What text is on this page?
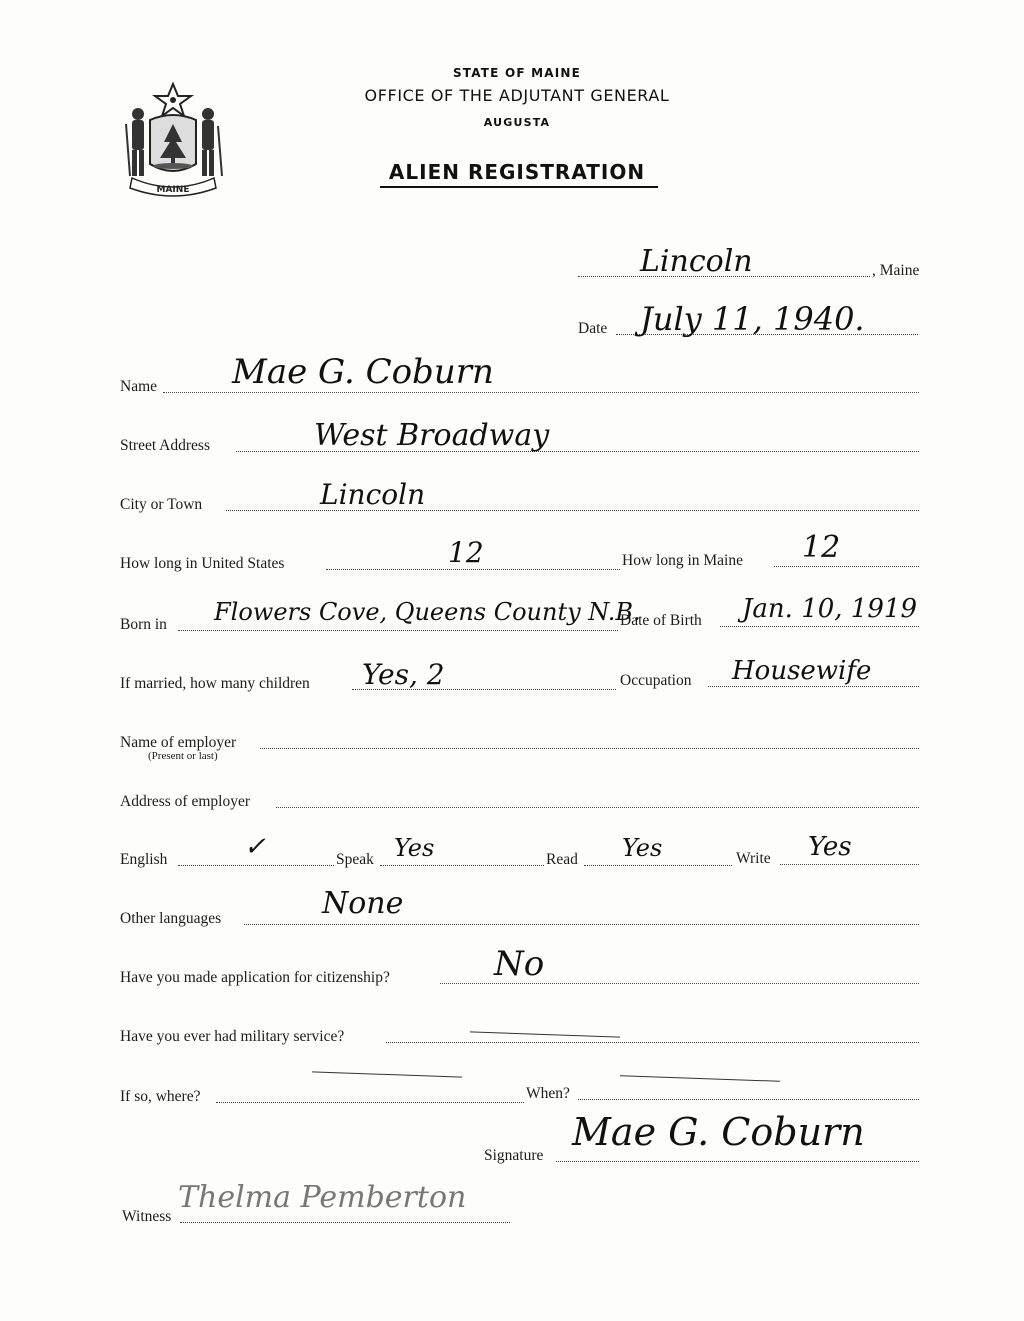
MAINE
STATE OF MAINE
OFFICE OF THE ADJUTANT GENERAL
AUGUSTA
ALIEN REGISTRATION
Lincoln	, Maine
Date July 11, 1940.
Name Mae G. Coburn
Street Address	West Broadway
City or Town	Lincoln
How long in United States	12	How long in Maine 12
Born in Flowers Cove, Queens County N.B.
Date of Birth Jan. 10, 1919
If married, how many children Yes, 2	Occupation Housewife
Name of employer
(Present or last)
Address of employer
English	✓	Speak Yes	Read Yes	Write Yes
Other languages	None
Have you made application for citizenship?	No
Have you ever had military service?
If so, where?	When?
Signature
Mae G. Coburn
Witness
Thelma Pemberton
